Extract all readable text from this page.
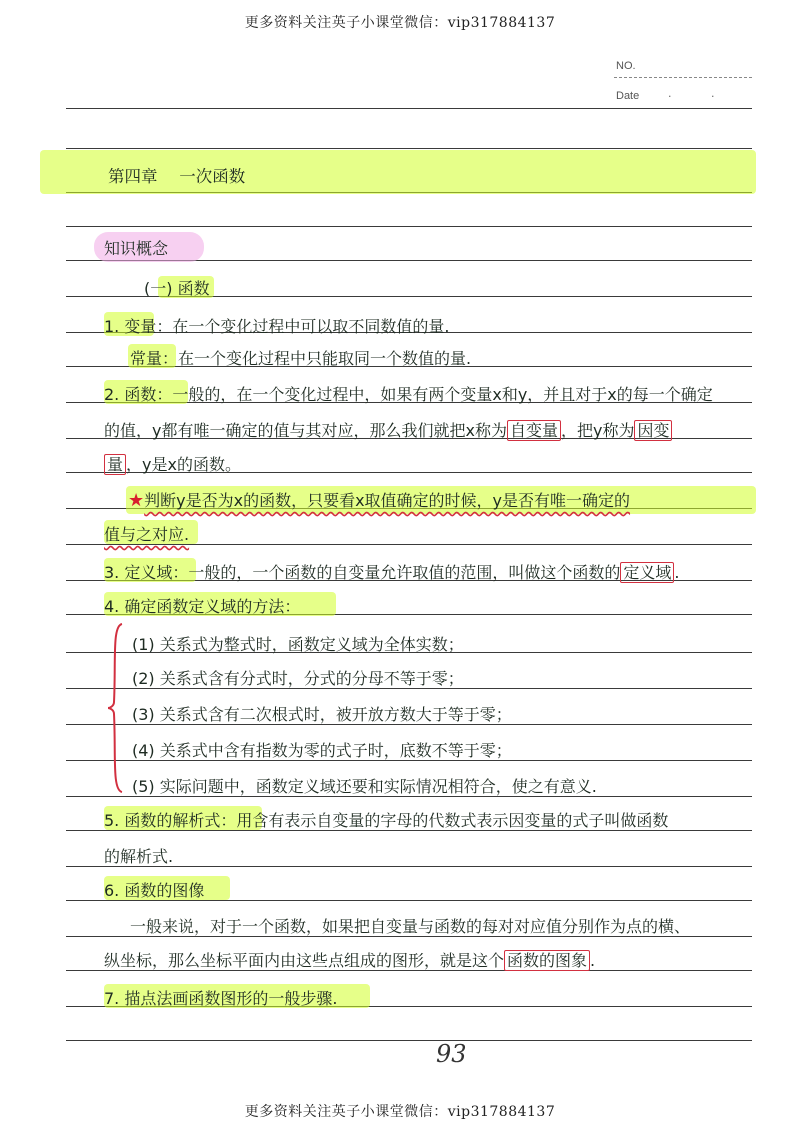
更多资料关注英子小课堂微信：vip317884137
NO.
Date	· ·
第四章 　一次函数
知识概念
(一) 函数
1. 变量：在一个变化过程中可以取不同数值的量.
常量：在一个变化过程中只能取同一个数值的量.
2. 函数：一般的，在一个变化过程中，如果有两个变量x和y，并且对于x的每一个确定
的值，y都有唯一确定的值与其对应，那么我们就把x称为 自变量 ，把y称为 因变
量 ，y是x的函数。
★判断y是否为x的函数，只要看x取值确定的时候，y是否有唯一确定的
值与之对应.
3. 定义域：一般的，一个函数的自变量允许取值的范围，叫做这个函数的 定义域 .
4. 确定函数定义域的方法：
(1) 关系式为整式时，函数定义域为全体实数；
(2) 关系式含有分式时，分式的分母不等于零；
(3) 关系式含有二次根式时，被开放方数大于等于零；
(4) 关系式中含有指数为零的式子时，底数不等于零；
(5) 实际问题中，函数定义域还要和实际情况相符合，使之有意义.
5. 函数的解析式：用含有表示自变量的字母的代数式表示因变量的式子叫做函数
的解析式.
6. 函数的图像
一般来说，对于一个函数，如果把自变量与函数的每对对应值分别作为点的横、
纵坐标，那么坐标平面内由这些点组成的图形，就是这个 函数的图象 .
7. 描点法画函数图形的一般步骤.
93
更多资料关注英子小课堂微信：vip317884137
